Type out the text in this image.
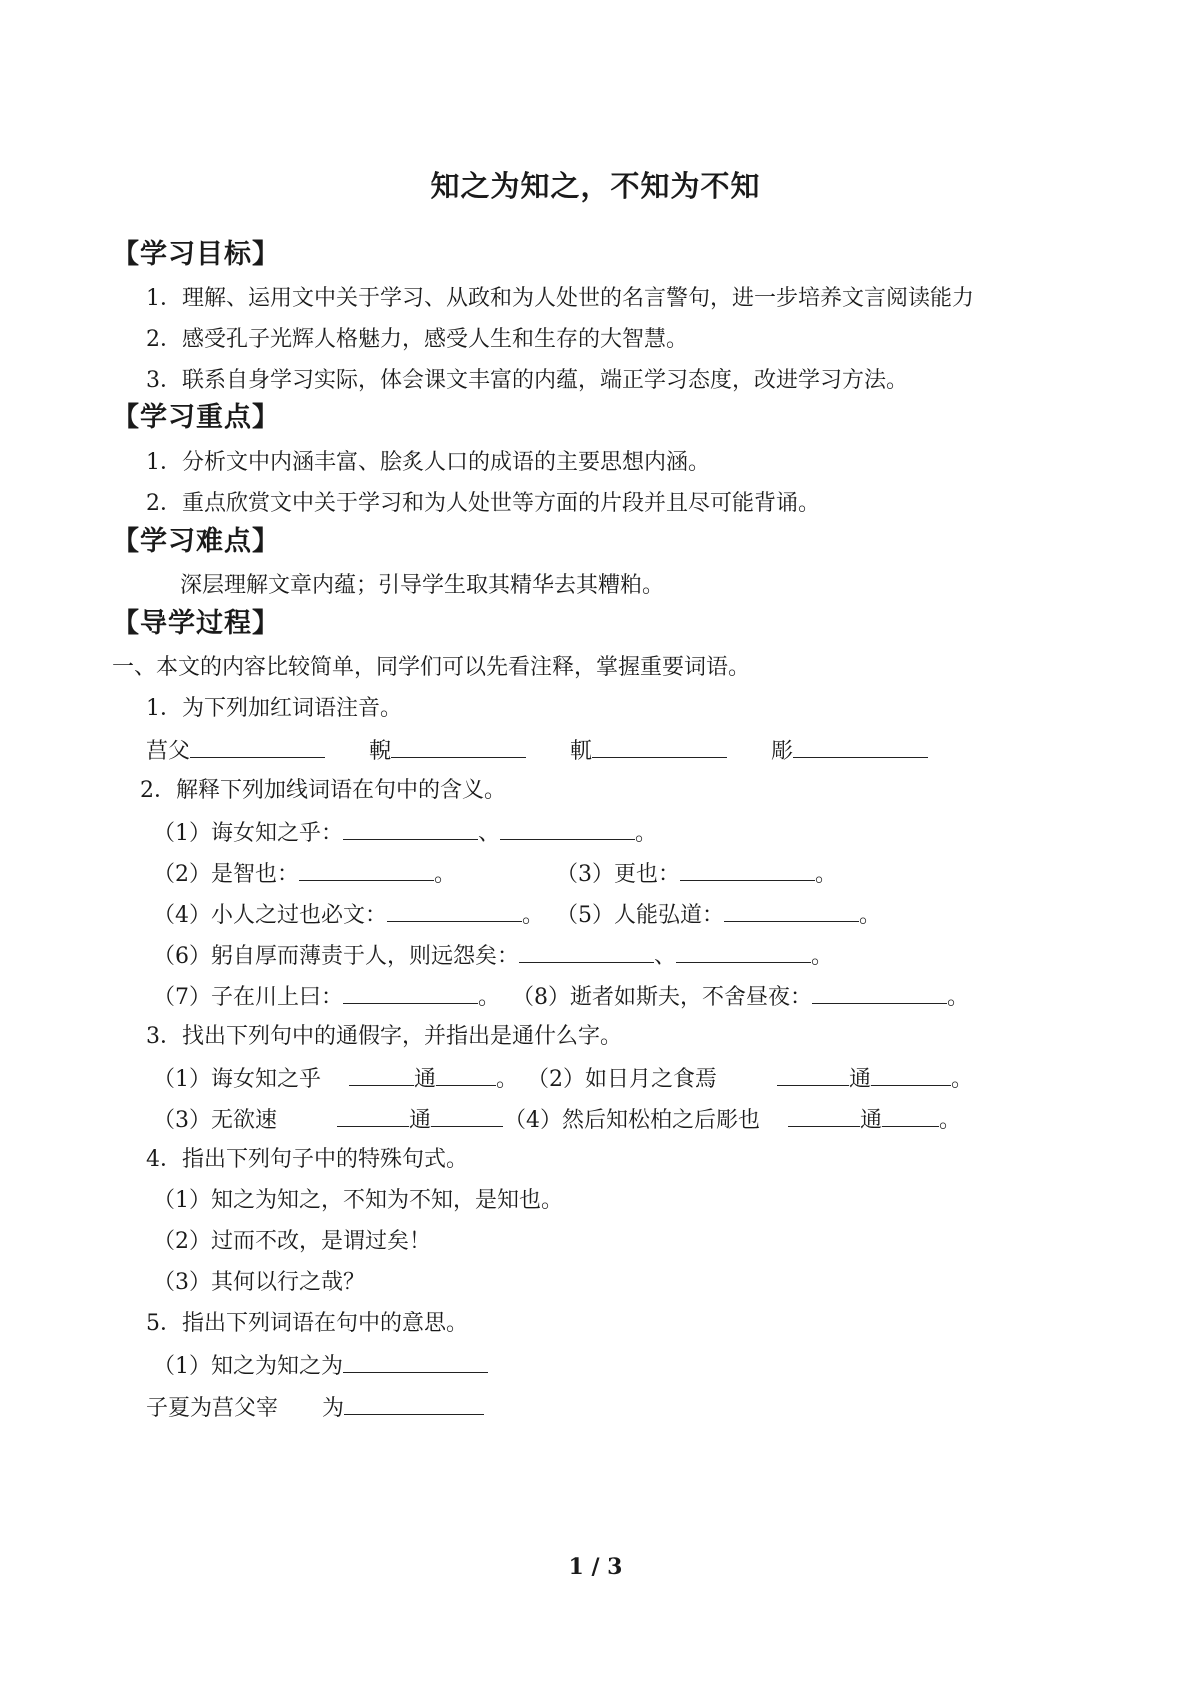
知之为知之，不知为不知
【学习目标】
1．理解、运用文中关于学习、从政和为人处世的名言警句，进一步培养文言阅读能力
2．感受孔子光辉人格魅力，感受人生和生存的大智慧。
3．联系自身学习实际，体会课文丰富的内蕴，端正学习态度，改进学习方法。
【学习重点】
1．分析文中内涵丰富、脍炙人口的成语的主要思想内涵。
2．重点欣赏文中关于学习和为人处世等方面的片段并且尽可能背诵。
【学习难点】
深层理解文章内蕴；引导学生取其精华去其糟粕。
【导学过程】
一、本文的内容比较简单，同学们可以先看注释，掌握重要词语。
1．为下列加红词语注音。
莒父	輗	軏	彫
2．解释下列加线词语在句中的含义。
（1）诲女知之乎：	、	。
（2）是智也：	。	（3）更也：	。
（4）小人之过也必文：	。 （5）人能弘道：	。
（6）躬自厚而薄责于人，则远怨矣：	、	。
（7）子在川上曰：	。 （8）逝者如斯夫，不舍昼夜：	。
3．找出下列句中的通假字，并指出是通什么字。
（1）诲女知之乎	通	。 （2）如日月之食焉	通	。
（3）无欲速	通	（4）然后知松柏之后彫也	通	。
4．指出下列句子中的特殊句式。
（1）知之为知之，不知为不知，是知也。
（2）过而不改，是谓过矣！
（3）其何以行之哉？
5．指出下列词语在句中的意思。
（1）知之为知之为
子夏为莒父宰 为
1 / 3
